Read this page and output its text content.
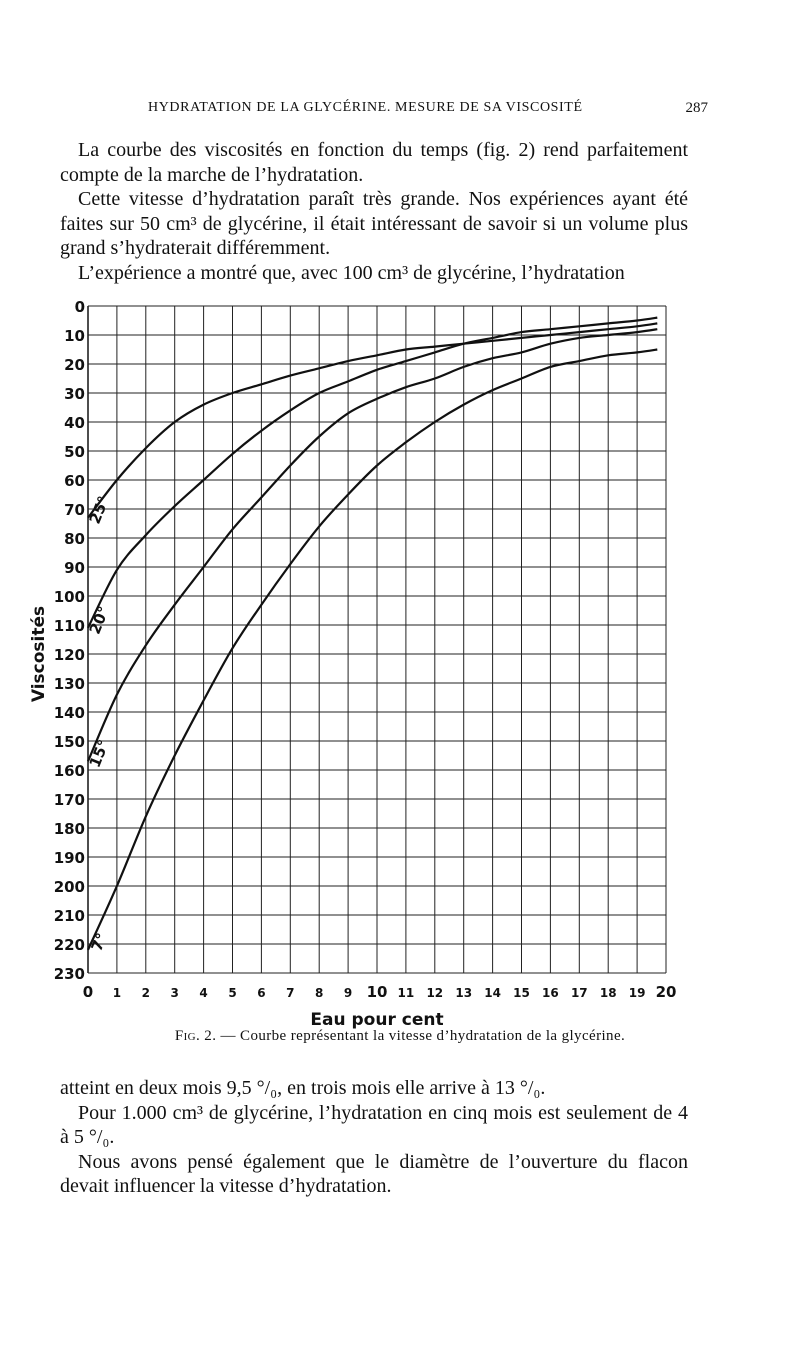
HYDRATATION DE LA GLYCÉRINE. MESURE DE SA VISCOSITÉ	287
La courbe des viscosités en fonction du temps (fig. 2) rend parfaitement compte de la marche de l’hydratation.
Cette vitesse d’hydratation paraît très grande. Nos expériences ayant été faites sur 50 cm³ de glycérine, il était intéressant de savoir si un volume plus grand s’hydraterait différemment.
L’expérience a montré que, avec 100 cm³ de glycérine, l’hydratation
0
10
20
30
40
50
60
70
80
90
100
110
120
130
140
150
160
170
180
190
200
210
220
230
0 1 2 3 4 5 6 7 8 9 10 11 12 13 14 15 16 17 18 19 20
25°
20°
15°
7°
Eau pour cent
Viscosités
Fig. 2. — Courbe représentant la vitesse d’hydratation de la glycérine.
atteint en deux mois 9,5 °/₀, en trois mois elle arrive à 13 °/₀.
Pour 1.000 cm³ de glycérine, l’hydratation en cinq mois est seulement de 4 à 5 °/₀.
Nous avons pensé également que le diamètre de l’ouverture du flacon devait influencer la vitesse d’hydratation.
